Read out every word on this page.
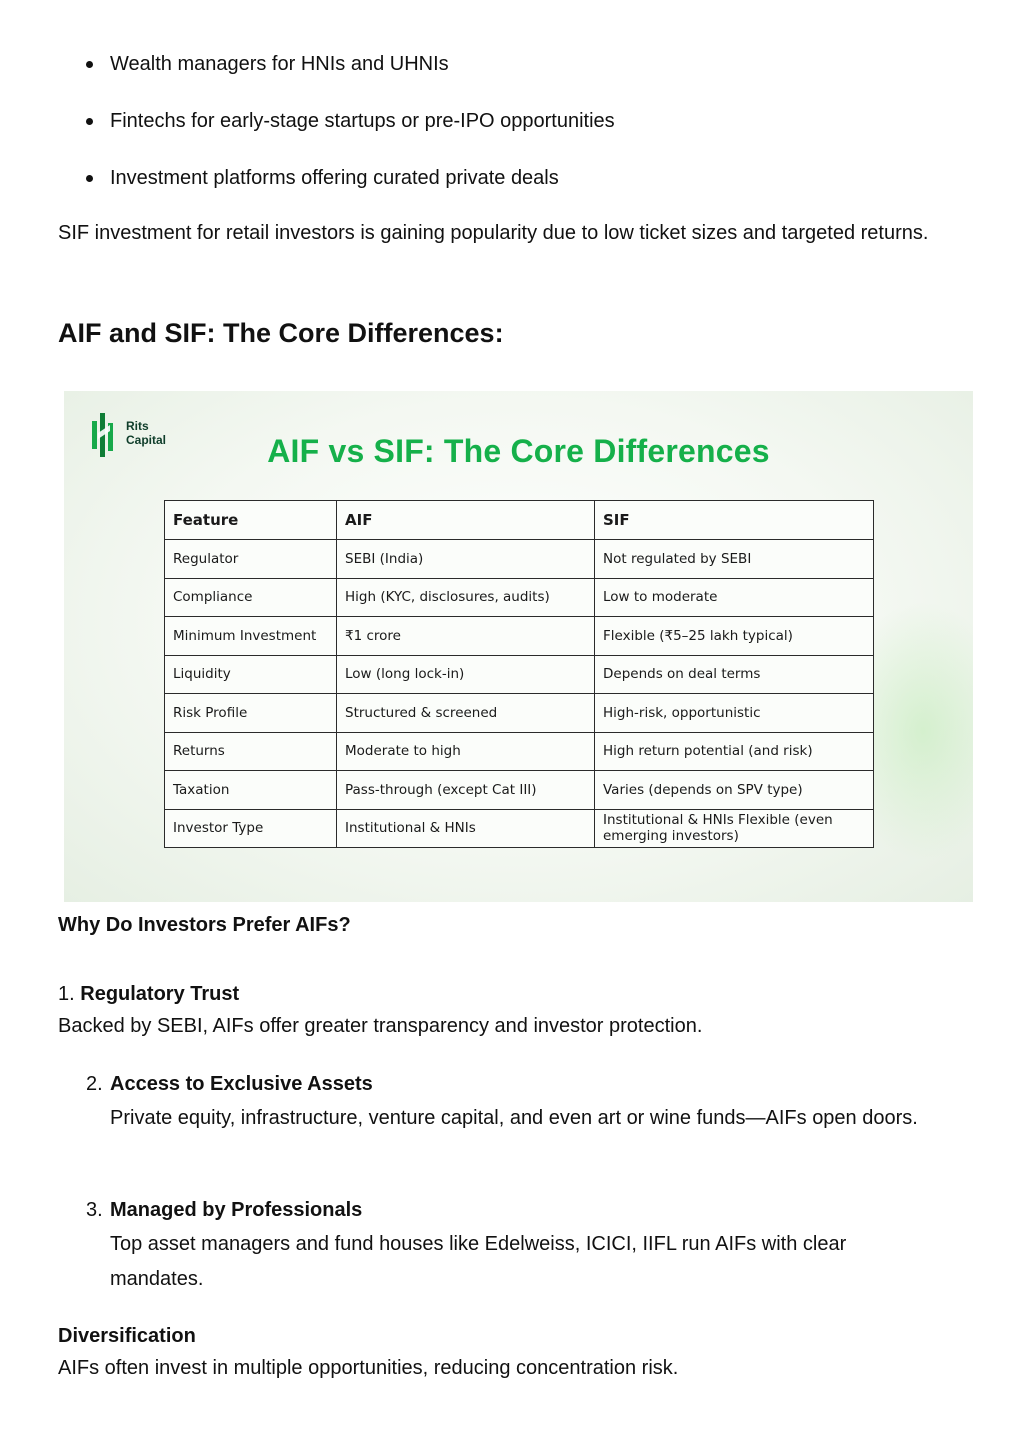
Wealth managers for HNIs and UHNIs
Fintechs for early-stage startups or pre-IPO opportunities
Investment platforms offering curated private deals

SIF investment for retail investors is gaining popularity due to low ticket sizes and targeted returns.

AIF and SIF: The Core Differences:
Rits
Capital	AIF vs SIF: The Core Differences
Feature	AIF	SIF
Regulator	SEBI (India)	Not regulated by SEBI
Compliance	High (KYC, disclosures, audits)	Low to moderate
Minimum Investment	₹1 crore	Flexible (₹5–25 lakh typical)
Liquidity	Low (long lock-in)	Depends on deal terms
Risk Profile	Structured & screened	High-risk, opportunistic
Returns	Moderate to high	High return potential (and risk)
Taxation	Pass-through (except Cat III)	Varies (depends on SPV type)
Investor Type	Institutional & HNIs	Institutional & HNIs Flexible (even emerging investors)
Why Do Investors Prefer AIFs?
1. Regulatory Trust

Backed by SEBI, AIFs offer greater transparency and investor protection.

2. Access to Exclusive Assets
Private equity, infrastructure, venture capital, and even art or wine funds—AIFs open doors.
3. Managed by Professionals
Top asset managers and fund houses like Edelweiss, ICICI, IIFL run AIFs with clear mandates.
Diversification

AIFs often invest in multiple opportunities, reducing concentration risk.
